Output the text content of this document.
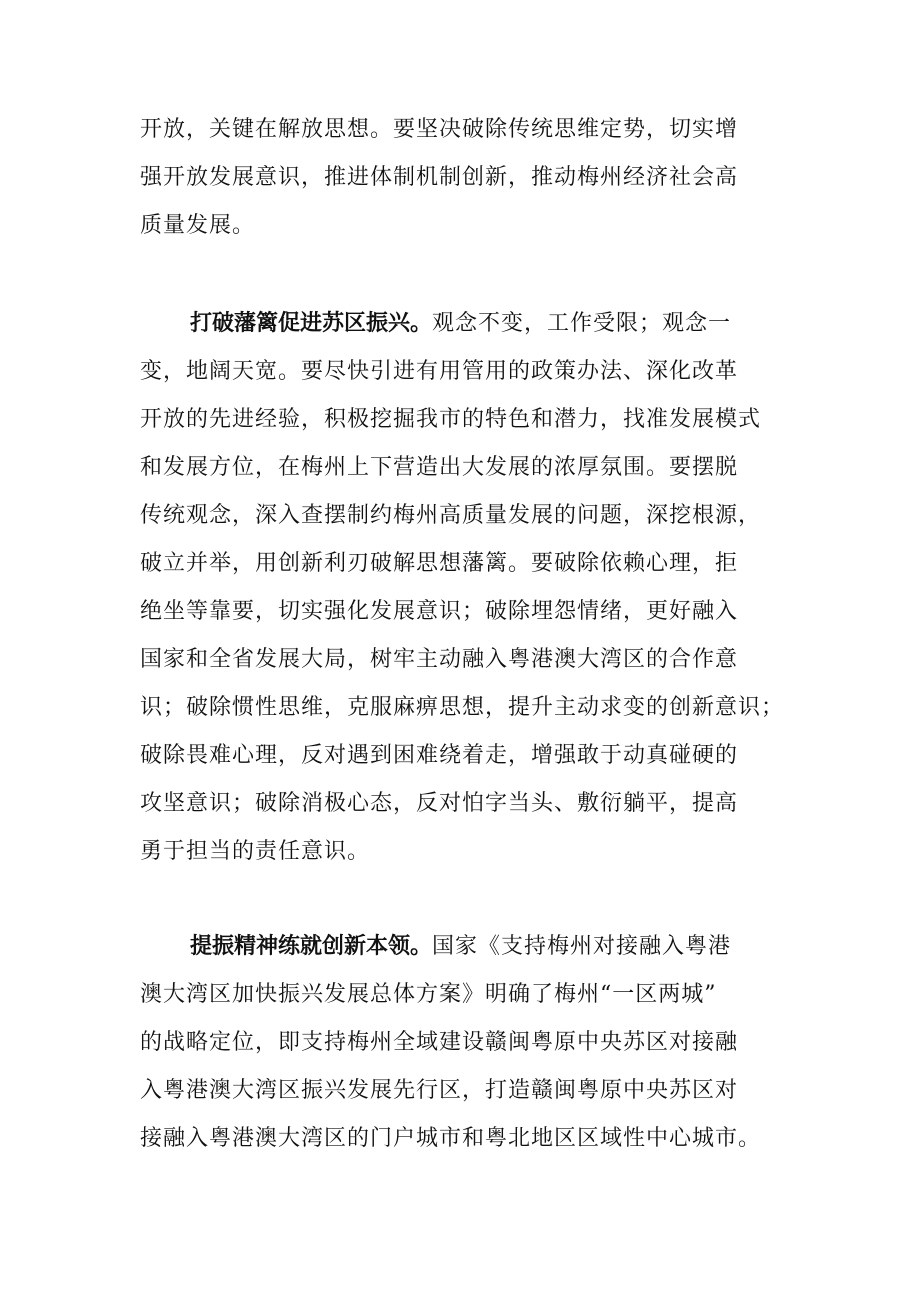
开放，关键在解放思想。要坚决破除传统思维定势，切实增
强开放发展意识，推进体制机制创新，推动梅州经济社会高
质量发展。
打破藩篱促进苏区振兴。观念不变，工作受限；观念一
变，地阔天宽。要尽快引进有用管用的政策办法、深化改革
开放的先进经验，积极挖掘我市的特色和潜力，找准发展模式
和发展方位，在梅州上下营造出大发展的浓厚氛围。要摆脱
传统观念，深入查摆制约梅州高质量发展的问题，深挖根源，
破立并举，用创新利刃破解思想藩篱。要破除依赖心理，拒
绝坐等靠要，切实强化发展意识；破除埋怨情绪，更好融入
国家和全省发展大局，树牢主动融入粤港澳大湾区的合作意
识；破除惯性思维，克服麻痹思想，提升主动求变的创新意识；
破除畏难心理，反对遇到困难绕着走，增强敢于动真碰硬的
攻坚意识；破除消极心态，反对怕字当头、敷衍躺平，提高
勇于担当的责任意识。
提振精神练就创新本领。国家《支持梅州对接融入粤港
澳大湾区加快振兴发展总体方案》明确了梅州“一区两城”
的战略定位，即支持梅州全域建设赣闽粤原中央苏区对接融
入粤港澳大湾区振兴发展先行区，打造赣闽粤原中央苏区对
接融入粤港澳大湾区的门户城市和粤北地区区域性中心城市。
